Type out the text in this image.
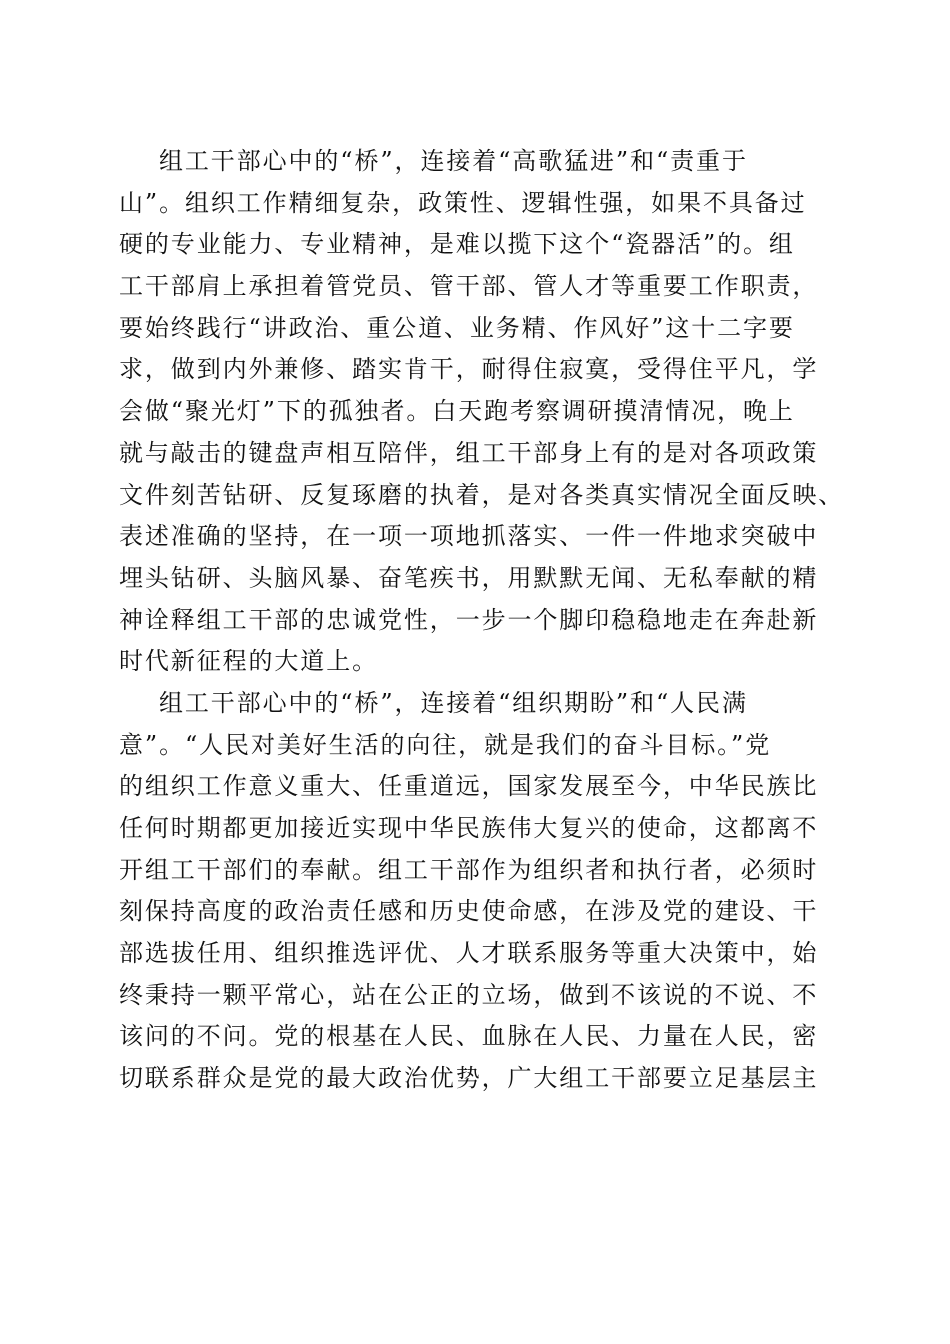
组工干部心中的“桥”，连接着“高歌猛进”和“责重于
山”。组织工作精细复杂，政策性、逻辑性强，如果不具备过
硬的专业能力、专业精神，是难以揽下这个“瓷器活”的。组
工干部肩上承担着管党员、管干部、管人才等重要工作职责，
要始终践行“讲政治、重公道、业务精、作风好”这十二字要
求，做到内外兼修、踏实肯干，耐得住寂寞，受得住平凡，学
会做“聚光灯”下的孤独者。白天跑考察调研摸清情况，晚上
就与敲击的键盘声相互陪伴，组工干部身上有的是对各项政策
文件刻苦钻研、反复琢磨的执着，是对各类真实情况全面反映、
表述准确的坚持，在一项一项地抓落实、一件一件地求突破中
埋头钻研、头脑风暴、奋笔疾书，用默默无闻、无私奉献的精
神诠释组工干部的忠诚党性，一步一个脚印稳稳地走在奔赴新
时代新征程的大道上。
组工干部心中的“桥”，连接着“组织期盼”和“人民满
意”。“人民对美好生活的向往，就是我们的奋斗目标。”党
的组织工作意义重大、任重道远，国家发展至今，中华民族比
任何时期都更加接近实现中华民族伟大复兴的使命，这都离不
开组工干部们的奉献。组工干部作为组织者和执行者，必须时
刻保持高度的政治责任感和历史使命感，在涉及党的建设、干
部选拔任用、组织推选评优、人才联系服务等重大决策中，始
终秉持一颗平常心，站在公正的立场，做到不该说的不说、不
该问的不问。党的根基在人民、血脉在人民、力量在人民，密
切联系群众是党的最大政治优势，广大组工干部要立足基层主
